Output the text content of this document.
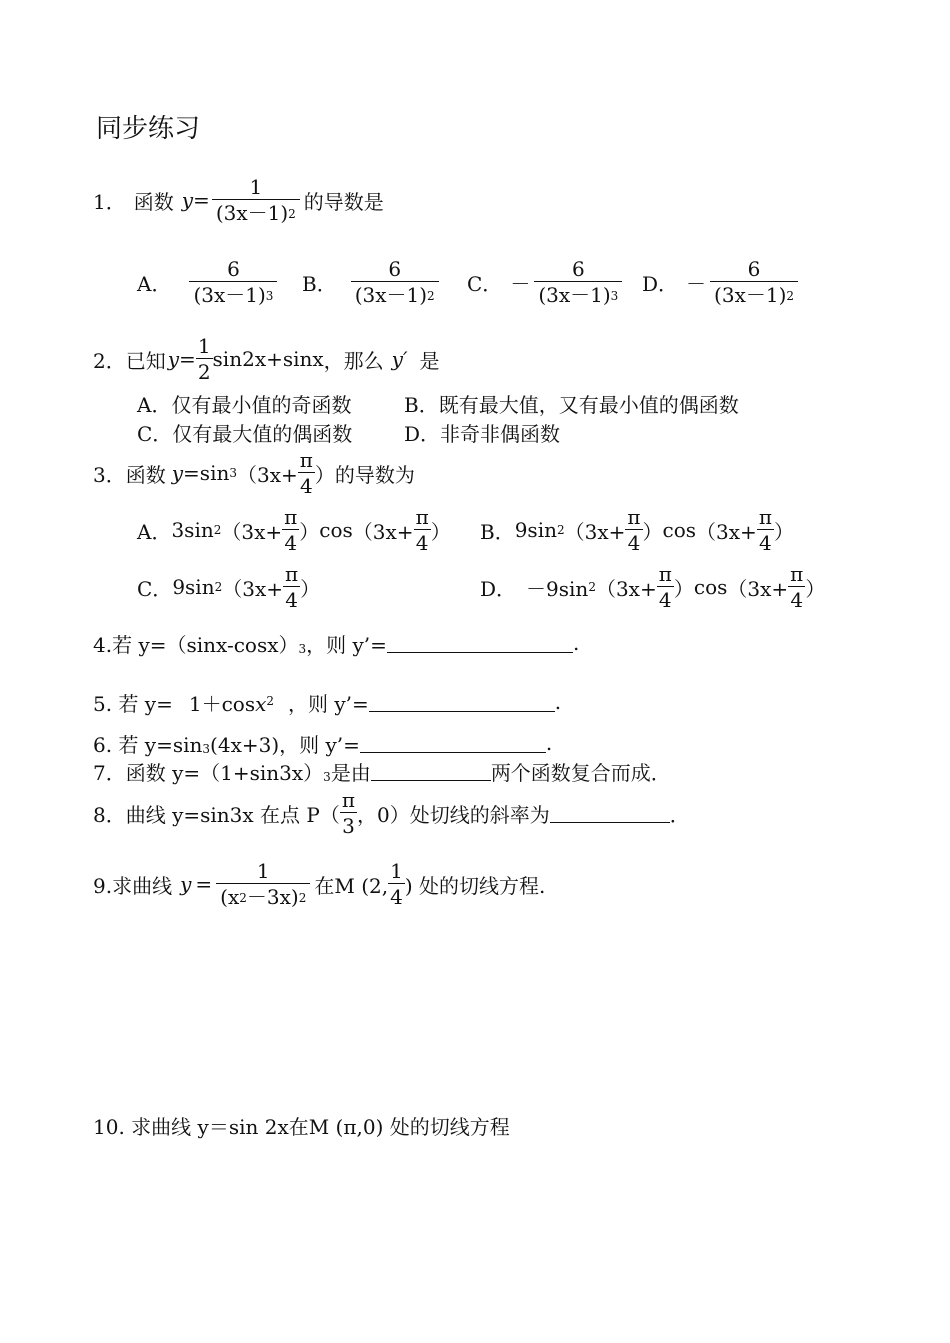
同步练习
1． 函数 $y = \frac{1}{(3x-1)^2}$ 的导数是
A． $\frac{6}{(3x-1)^3}$ B． $\frac{6}{(3x-1)^2}$ C． － $\frac{6}{(3x-1)^3}$ D． － $\frac{6}{(3x-1)^2}$
2． 已知 $y = \frac{1}{2} \sin 2x+\sin x$ ，那么 y′ 是
A．仅有最小值的奇函数	B．既有最大值，又有最小值的偶函数
C．仅有最大值的偶函数	D．非奇非偶函数
3． 函数 y =sin 3 （$3x+ \frac{\pi}{4}$ ） 的导数为
A． 3sin 2 （$3x+ \frac{\pi}{4}$ ） $\cos (3x+ \frac{\pi}{4}$ ） B． 9sin 2 （$3x+ \frac{\pi}{4}$ ） $\cos (3x+ \frac{\pi}{4}$ ）
C． 9sin 2 （$3x+ \frac{\pi}{4}$ ）	D． －9sin 2 （$3x+ \frac{\pi}{4}$ ） $\cos (3x+ \frac{\pi}{4}$ ）
4.若 y=（sinx-cosx） 3 ，则 y’=	.
5. 若 y= 1＋cosx$^2$ ，则 y’=	.
6. 若 y=sin 3 (4x+3)，则 y’=	.
7．函数 y=（1+sin3x） 3 是由	两个函数复合而成．
8．曲线 y=sin3x 在点 $P( \frac{\pi}{3}$ ，0）处切线的斜率为	．
9.求曲线 $y = \frac{1}{(x^2-3x)^2}$ 在M (2, $\frac{1}{4}$ ) 处的切线方程.
10. 求曲线 y＝sin 2x在M (π,0) 处的切线方程
